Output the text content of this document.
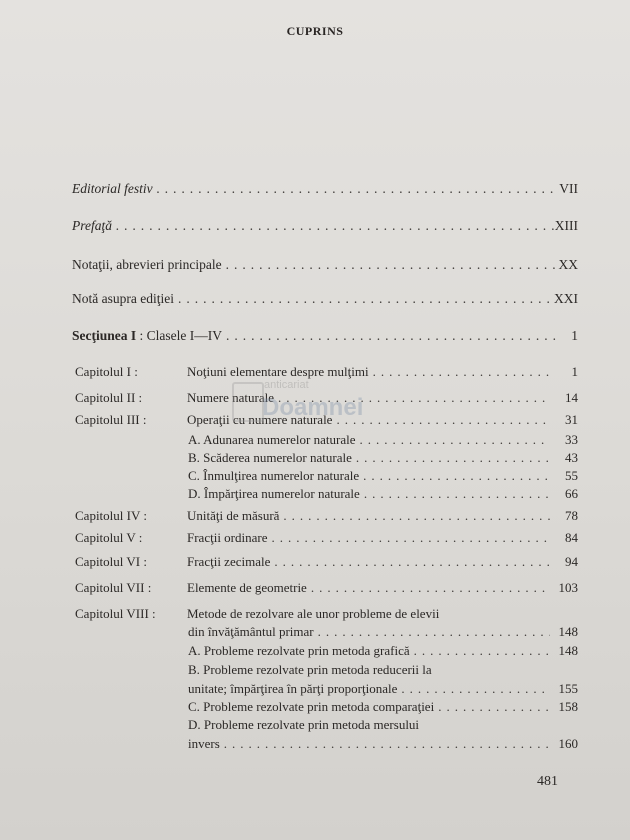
CUPRINS
Editorial festiv .....	VII
Prefaţă .....	XIII
Notaţii, abrevieri principale .....	XX
Notă asupra ediţiei .....	XXI
Secţiunea I : Clasele I—IV .....	1
Capitolul I :	Noţiuni elementare despre mulţimi .....	1
Capitolul II :	Numere naturale .....	14
Capitolul III :	Operaţii cu numere naturale .....	31
A. Adunarea numerelor naturale .....	33
B. Scăderea numerelor naturale .....	43
C. Înmulţirea numerelor naturale .....	55
D. Împărţirea numerelor naturale .....	66
Capitolul IV :	Unităţi de măsură .....	78
Capitolul V :	Fracţii ordinare .....	84
Capitolul VI :	Fracţii zecimale .....	94
Capitolul VII :	Elemente de geometrie .....	103
Capitolul VIII :	Metode de rezolvare ale unor probleme de elevii
din învăţământul primar .....	148
A. Probleme rezolvate prin metoda grafică .....	148
B. Probleme rezolvate prin metoda reducerii la
unitate; împărţirea în părţi proporţionale .....	155
C. Probleme rezolvate prin metoda comparaţiei .....	158
D. Probleme rezolvate prin metoda mersului
invers .....	160
481
anticariat
Doamnei
